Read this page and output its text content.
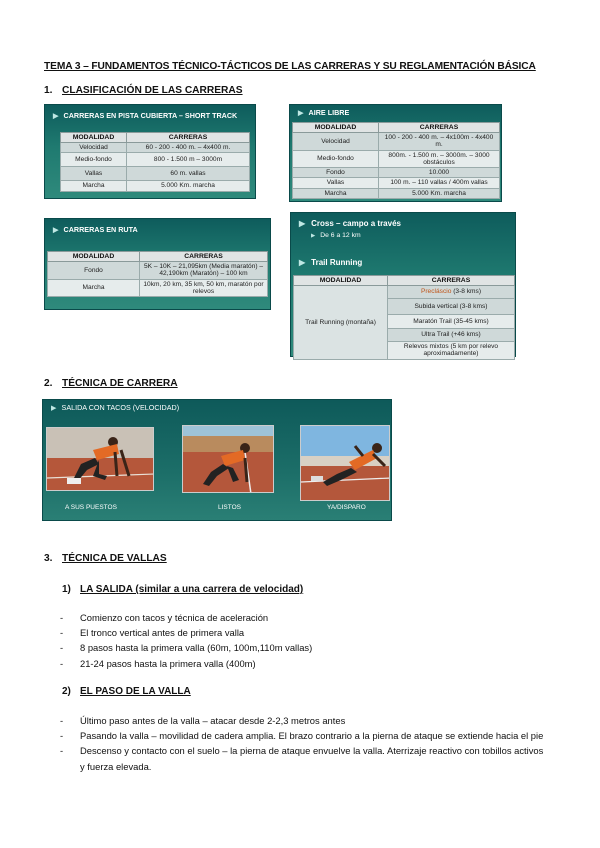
TEMA 3 – FUNDAMENTOS TÉCNICO-TÁCTICOS DE LAS CARRERAS Y SU REGLAMENTACIÓN BÁSICA
1. CLASIFICACIÓN DE LAS CARRERAS
▶ CARRERAS EN PISTA CUBIERTA – SHORT TRACK
MODALIDAD	CARRERAS
Velocidad	60 - 200 - 400 m. – 4x400 m.
Medio-fondo	800 - 1.500 m – 3000m
Vallas	60 m. vallas
Marcha	5.000 Km. marcha
▶ AIRE LIBRE
MODALIDAD	CARRERAS
Velocidad	100 - 200 - 400 m. – 4x100m - 4x400 m.
Medio-fondo	800m. - 1.500 m. – 3000m. – 3000 obstáculos
Fondo	10.000
Vallas	100 m. – 110 vallas / 400m vallas
Marcha	5.000 Km. marcha
▶ CARRERAS EN RUTA
MODALIDAD	CARRERAS
Fondo	5K – 10K – 21,095km (Media maratón) – 42,190km (Maratón) – 100 km
Marcha	10km, 20 km, 35 km, 50 km, maratón por relevos
▶ Cross – campo a través
▶ De 6 a 12 km
▶ Trail Running
MODALIDAD	CARRERAS
Trail Running (montaña)	Precláscio (3-8 kms)
	Subida vertical (3-8 kms)
	Maratón Trail (35-45 kms)
	Ultra Trail (+46 kms)
	Relevos mixtos (5 km por relevo aproximadamente)
2. TÉCNICA DE CARRERA
▶ SALIDA CON TACOS (VELOCIDAD)
A SUS PUESTOS	LISTOS	YA/DISPARO
3. TÉCNICA DE VALLAS
1) LA SALIDA (similar a una carrera de velocidad)
- Comienzo con tacos y técnica de aceleración
- El tronco vertical antes de primera valla
- 8 pasos hasta la primera valla (60m, 100m,110m vallas)
- 21-24 pasos hasta la primera valla (400m)
2) EL PASO DE LA VALLA
- Último paso antes de la valla – atacar desde 2-2,3 metros antes
- Pasando la valla – movilidad de cadera amplia. El brazo contrario a la pierna de ataque se extiende hacia el pie
- Descenso y contacto con el suelo – la pierna de ataque envuelve la valla. Aterrizaje reactivo con tobillos activos y fuerza elevada.
